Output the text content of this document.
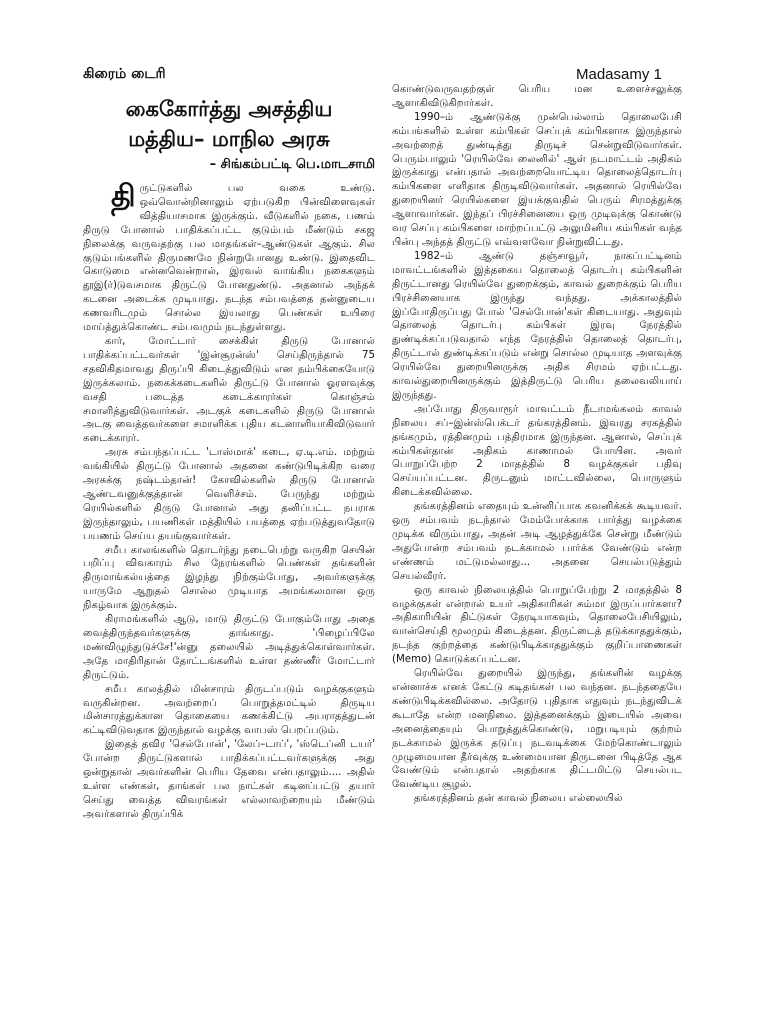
கிரைம் டைரி	Madasamy 1
கைகோர்த்து அசத்திய
மத்திய– மாநில அரசு
– சிங்கம்பட்டி பெ.மாடசாமி

திருட்டுகளில் பல வகை உண்டு. ஒவ்வொன்றினாலும் ஏற்படுகிற பின்விளைவுகள் வித்தியாசமாக இருக்கும். வீடுகளில் நகை, பணம் திருடு போனால் பாதிக்கப்பட்ட குடும்பம் மீண்டும் சகஜ நிலைக்கு வருவதற்கு பல மாதங்கள்–ஆண்டுகள் ஆகும். சில குடும்பங்களில் திருமணமே நின்றுபோனது உண்டு. இதைவிட கொடுமை என்னவென்றால், இரவல் வாங்கிய நகைகளும் தூஇ(ர்)டுவசமாக திருட்டு போனதுண்டு. அதனால் அந்தக் கடனை அடைக்க முடியாது. நடந்த சம்பவத்தை தன்னுடைய கணவரிடமும் சொல்ல இயலாது பெண்கள் உயிரை மாய்த்துக்கொண்ட சம்பவமும் நடந்துள்ளது.

கார், மோட்டார் சைக்கிள் திருடு போனால் பாதிக்கப்பட்டவர்கள் 'இன்சூரன்ஸ்' செய்திருந்தால் 75 சதவிகிதமாவது திருப்பி கிடைத்துவிடும் என நம்பிக்கையோடு இருக்கலாம். நகைக்கடைகளில் திருட்டு போனால் ஓரளவுக்கு வசதி படைத்த கடைக்காரர்கள் கொஞ்சம் சமாளித்துவிடுவார்கள். அடகுக் கடைகளில் திருடு போனால் அடகு வைத்தவர்களை சமாளிக்க புதிய கடனாளியாகிவிடுவார் கடைக்காரர்.

அரசு சம்பந்தப்பட்ட 'டாஸ்மாக்' கடை, ஏ.டி.எம். மற்றும் வங்கியில் திருட்டு போனால் அதனை கண்டுபிடிக்கிற வரை அரசுக்கு நஷ்டம்தான்! கோவில்களில் திருடு போனால் ஆண்டவனுக்குத்தான் வெளிச்சம். பேருந்து மற்றும் ரெயில்களில் திருடு போனால் அது தனிப்பட்ட நபராக இருந்தாலும், பயணிகள் மத்தியில் பயத்தை ஏற்படுத்துவதோடு பயணம் செய்ய தயங்குவார்கள்.

சமீப காலங்களில் தொடர்ந்து நடைபெற்று வருகிற செயின் பறிப்பு விவகாரம் சில நேரங்களில் பெண்கள் தங்களின் திருமாங்கல்யத்தை இழந்து நிற்கும்போது, அவர்களுக்கு யாருமே ஆறுதல் சொல்ல முடியாத அமங்கலமான ஒரு நிகழ்வாக இருக்கும்.

கிராமங்களில் ஆடு, மாடு திருட்டு போகும்போது அதை வைத்திருந்தவர்களுக்கு தாங்காது. 'பிழைப்பிலே மண்விழுந்துடுச்சே!'ன்னு தலையில் அடித்துக்கொள்வார்கள். அதே மாதிரிதான் தோட்டங்களில் உள்ள தண்ணீர் மோட்டார் திருட்டும்.

சமீப காலத்தில் மின்சாரம் திருடப்படும் வழக்குகளும் வருகின்றன. அவற்றைப் பொறுத்தமட்டில் திருடிய மின்சாரத்துக்கான தொகையை கணக்கிட்டு அபராதத்துடன் கட்டிவிடுவதாக இருந்தால் வழக்கு வாபஸ் பெறப்படும்.

இதைத் தவிர 'செல்போன்', 'லேப்–டாப்', 'ஸ்டெப்னி டயர்' போன்ற திருட்டுகளால் பாதிக்கப்பட்டவர்களுக்கு அது ஒன்றுதான் அவர்களின் பெரிய தேவை என்பதாலும்.... அதில் உள்ள எண்கள், தாங்கள் பல நாட்கள் கடினப்பட்டு தயார் செய்து வைத்த விவரங்கள் எல்லாவற்றையும் மீண்டும் அவர்களால் திருப்பிக்

கொண்டுவருவதற்குள் பெரிய மன உளைச்சலுக்கு ஆளாகிவிடுகிறார்கள்.

1990–ம் ஆண்டுக்கு முன்பெல்லாம் தொலைபேசி கம்பங்களில் உள்ள கம்பிகள் செப்புக் கம்பிகளாக இருந்தால் அவற்றைத் துண்டித்து திருடிச் சென்றுவிடுவார்கள். பெரும்பாலும் 'ரெயில்வே லைனில்' ஆள் நடமாட்டம் அதிகம் இருக்காது என்பதால் அவற்றையொட்டிய தொலைத்தொடர்பு கம்பிகளை எளிதாக திருடிவிடுவார்கள். அதனால் ரெயில்வே துறையினர் ரெயில்களை இயக்குவதில் பெரும் சிரமத்துக்கு ஆளாவார்கள். இந்தப் பிரச்சினையை ஒரு முடிவுக்கு கொண்டு வர செப்பு கம்பிகளை மாற்றப்பட்டு அலுமினிய கம்பிகள் வந்த பின்பு அந்தத் திருட்டு எவ்வளவோ நின்றுவிட்டது.

1982–ம் ஆண்டு தஞ்சாவூர், நாகப்பட்டினம் மாவட்டங்களில் இத்தகைய தொலைத் தொடர்பு கம்பிகளின் திருட்டானது ரெயில்வே துறைக்கும், காவல் துறைக்கும் பெரிய பிரச்சினையாக இருந்து வந்தது. அக்காலத்தில் இப்போதிருப்பது போல் 'செல்போன்'கள் கிடையாது. அதுவும் தொலைத் தொடர்பு கம்பிகள் இரவு நேரத்தில் துண்டிக்கப்படுவதால் எந்த நேரத்தில் தொலைத் தொடர்பு, திருட்டால் துண்டிக்கப்படும் என்று சொல்ல முடியாத அளவுக்கு ரெயில்வே துறையினருக்கு அதிக சிரமம் ஏற்பட்டது. காவல்துறையினருக்கும் இத்திருட்டு பெரிய தலைவலியாய் இருந்தது.

அப்போது திருவாரூர் மாவட்டம் நீடாமங்கலம் காவல் நிலைய சப்–இன்ஸ்பெக்டர் தங்கரத்தினம். இவரது சரகத்தில் தங்கமும், ரத்தினமும் பத்திரமாக இருந்தன. ஆனால், செப்புக் கம்பிகள்தான் அதிகம் காணாமல் போயின. அவர் பொறுப்பேற்ற 2 மாதத்தில் 8 வழக்குகள் பதிவு செய்யப்பட்டன. திருடனும் மாட்டவில்லை, பொருளும் கிடைக்கவில்லை.

தங்கரத்தினம் எதையும் உன்னிப்பாக கவனிக்கக் கூடியவர். ஒரு சம்பவம் நடந்தால் மேம்போக்காக பார்த்து வழக்கை முடிக்க விரும்பாது, அதன் அடி ஆழத்துக்கே சென்று மீண்டும் அதுபோன்ற சம்பவம் நடக்காமல் பார்க்க வேண்டும் என்ற எண்ணம் மட்டுமல்லாது... அதனை செயல்படுத்தும் செயல்வீரர்.

ஒரு காவல் நிலையத்தில் பொறுப்பேற்று 2 மாதத்தில் 8 வழக்குகள் என்றால் உயர் அதிகாரிகள் சும்மா இருப்பார்களா? அதிகாரியின் திட்டுகள் நேரடியாகவும், தொலைபேசியிலும், வான்செய்தி மூலமும் கிடைத்தன. திருட்டைத் தடுக்காததுக்கும், நடந்த குற்றத்தை கண்டுபிடிக்காததுக்கும் குறிப்பாணைகள் (Memo) கொடுக்கப்பட்டன.

ரெயில்வே துறையில் இருந்து, தங்களின் வழக்கு என்னாச்சு எனக் கேட்டு கடிதங்கள் பல வந்தன. நடந்ததையே கண்டுபிடிக்கவில்லை. அதோடு புதிதாக எதுவும் நடந்துவிடக் கூடாதே என்ற மனநிலை. இத்தனைக்கும் இடையில் அவை அனைத்தையும் பொறுத்துக்கொண்டு, மறுபடியும் குற்றம் நடக்காமல் இருக்க தடுப்பு நடவடிக்கை மேற்கொண்டாலும் முழுமையான தீர்வுக்கு உண்மையான திருடனை பிடித்தே ஆக வேண்டும் என்பதால் அதற்காக திட்டமிட்டு செயல்பட வேண்டிய சூழல்.

தங்கரத்தினம் தன் காவல் நிலைய எல்லையில்
